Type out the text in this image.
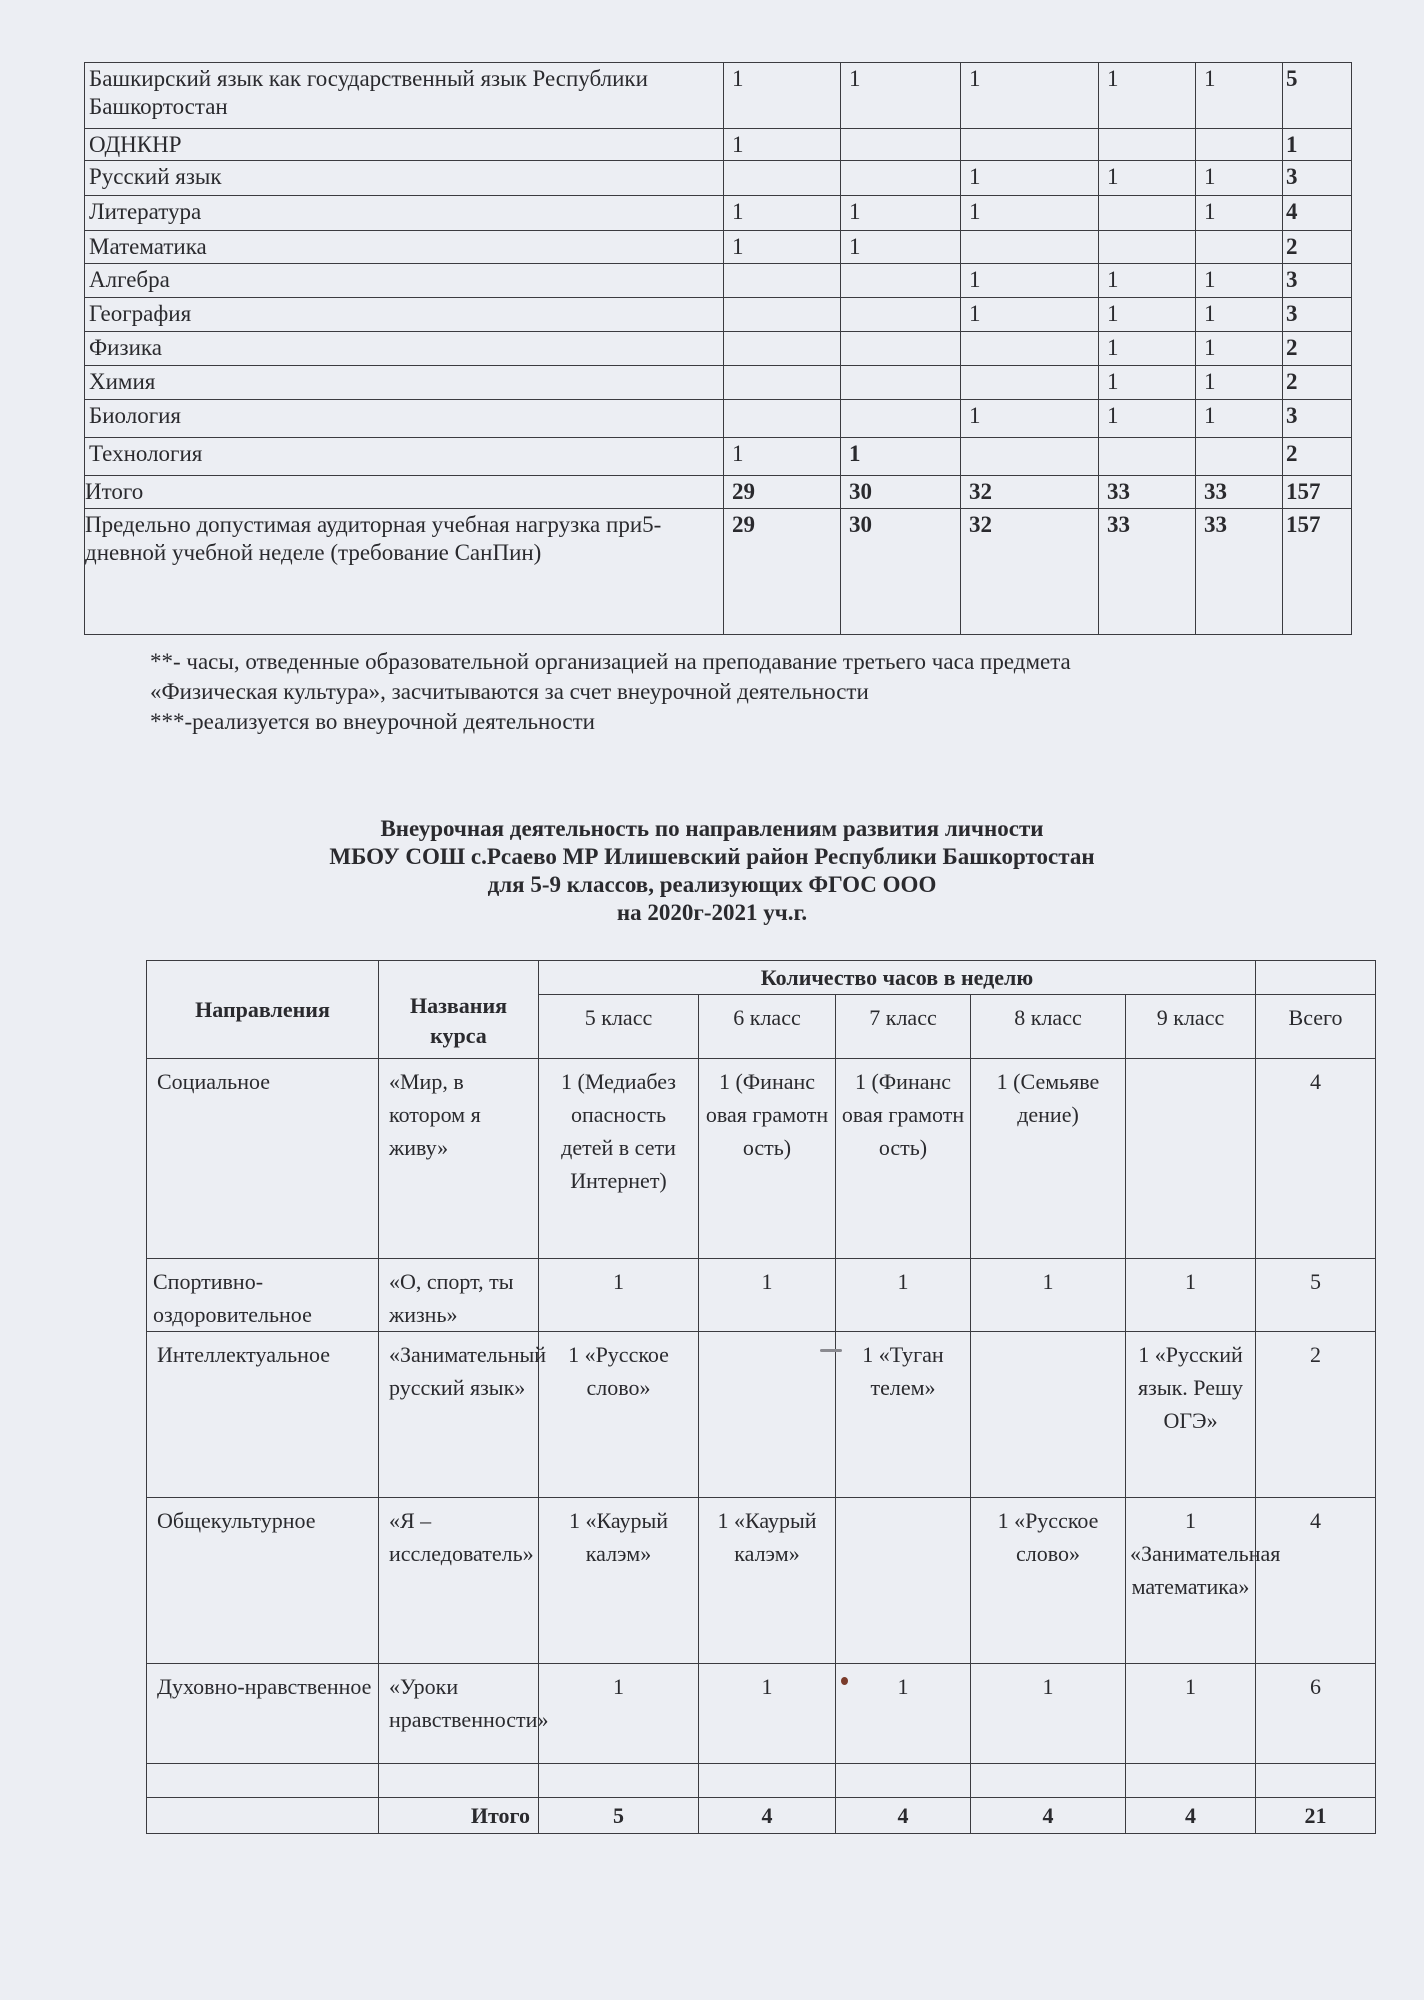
Башкирский язык как государственный язык Республики Башкортостан	1	1	1	1	1	5
ОДНКНР	1					1
Русский язык			1	1	1	3
Литература	1	1	1		1	4
Математика	1	1				2
Алгебра			1	1	1	3
География			1	1	1	3
Физика				1	1	2
Химия				1	1	2
Биология			1	1	1	3
Технология	1	1				2
Итого	29	30	32	33	33	157
Предельно допустимая аудиторная учебная нагрузка при5-дневной учебной неделе (требование СанПин)	29	30	32	33	33	157
**- часы, отведенные образовательной организацией на преподавание третьего часа предмета
«Физическая культура», засчитываются за счет внеурочной деятельности
***-реализуется во внеурочной деятельности
Внеурочная деятельность по направлениям развития личности
МБОУ СОШ с.Рсаево МР Илишевский район Республики Башкортостан
для 5-9 классов, реализующих ФГОС ООО
на 2020г-2021 уч.г.
Направления	Названия курса	Количество часов в неделю					
		5 класс	6 класс	7 класс	8 класс	9 класс	Всего
Социальное	«Мир, в котором я живу»	1 (Медиабез опасность детей в сети Интернет)	1 (Финанс овая грамотн ость)	1 (Финанс овая грамотн ость)	1 (Семьяве дение)		4
Спортивно-оздоровительное	«О, спорт, ты жизнь»	1	1	1	1	1	5
Интеллектуальное	«Занимательный русский язык»	1 «Русское слово»		1 «Туган телем»		1 «Русский язык. Решу ОГЭ»	2
Общекультурное	«Я – исследователь»	1 «Каурый калэм»	1 «Каурый калэм»		1 «Русское слово»	1 «Занимательная математика»	4
Духовно-нравственное	«Уроки нравственности»	1	1	1	1	1	6

	Итого	5	4	4	4	4	21
